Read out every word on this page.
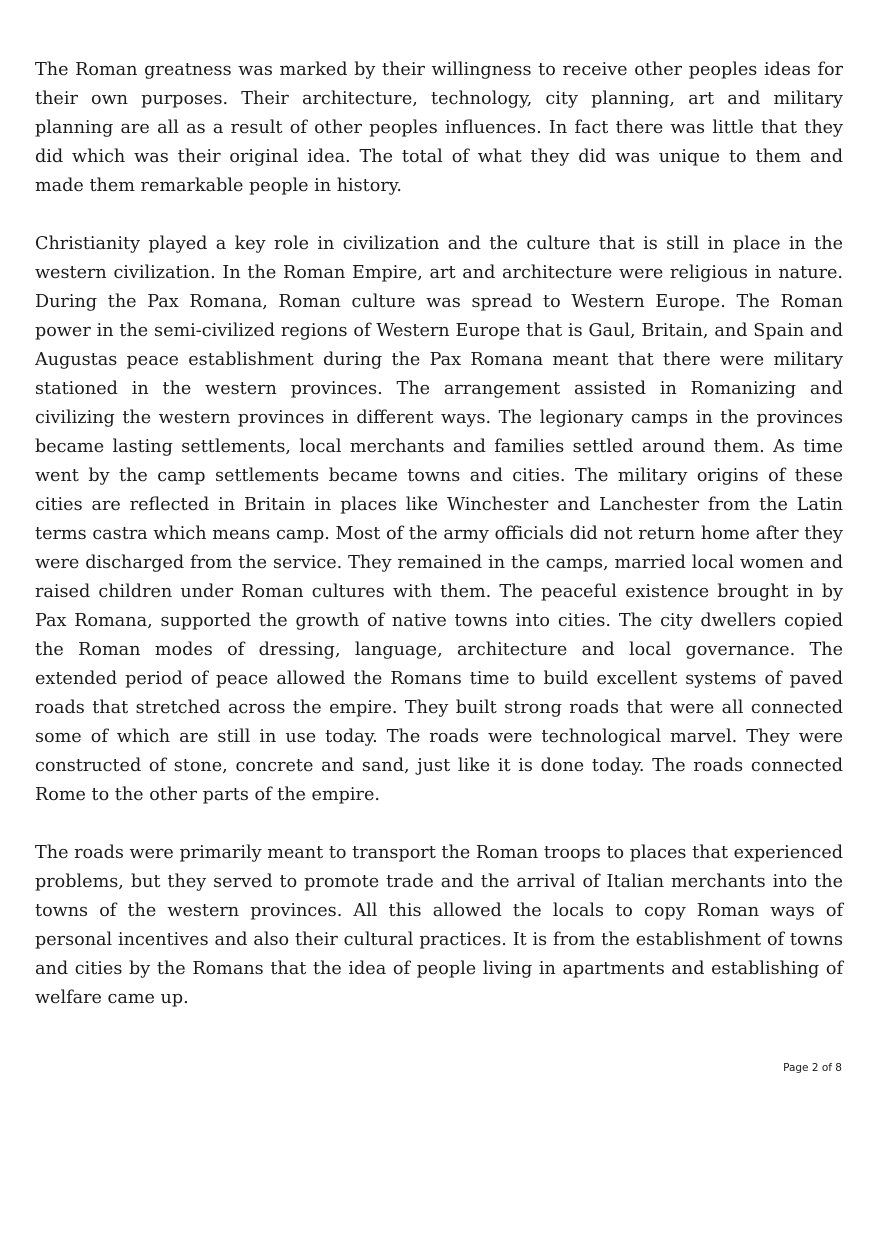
The Roman greatness was marked by their willingness to receive other peoples ideas for their own purposes. Their architecture, technology, city planning, art and military planning are all as a result of other peoples influences. In fact there was little that they did which was their original idea. The total of what they did was unique to them and made them remarkable people in history.

Christianity played a key role in civilization and the culture that is still in place in the western civilization. In the Roman Empire, art and architecture were religious in nature. During the Pax Romana, Roman culture was spread to Western Europe. The Roman power in the semi-civilized regions of Western Europe that is Gaul, Britain, and Spain and Augustas peace establishment during the Pax Romana meant that there were military stationed in the western provinces. The arrangement assisted in Romanizing and civilizing the western provinces in different ways. The legionary camps in the provinces became lasting settlements, local merchants and families settled around them. As time went by the camp settlements became towns and cities. The military origins of these cities are reflected in Britain in places like Winchester and Lanchester from the Latin terms castra which means camp. Most of the army officials did not return home after they were discharged from the service. They remained in the camps, married local women and raised children under Roman cultures with them. The peaceful existence brought in by Pax Romana, supported the growth of native towns into cities. The city dwellers copied the Roman modes of dressing, language, architecture and local governance. The extended period of peace allowed the Romans time to build excellent systems of paved roads that stretched across the empire. They built strong roads that were all connected some of which are still in use today. The roads were technological marvel. They were constructed of stone, concrete and sand, just like it is done today. The roads connected Rome to the other parts of the empire.

The roads were primarily meant to transport the Roman troops to places that experienced problems, but they served to promote trade and the arrival of Italian merchants into the towns of the western provinces. All this allowed the locals to copy Roman ways of personal incentives and also their cultural practices. It is from the establishment of towns and cities by the Romans that the idea of people living in apartments and establishing of welfare came up.

Page 2 of 8
